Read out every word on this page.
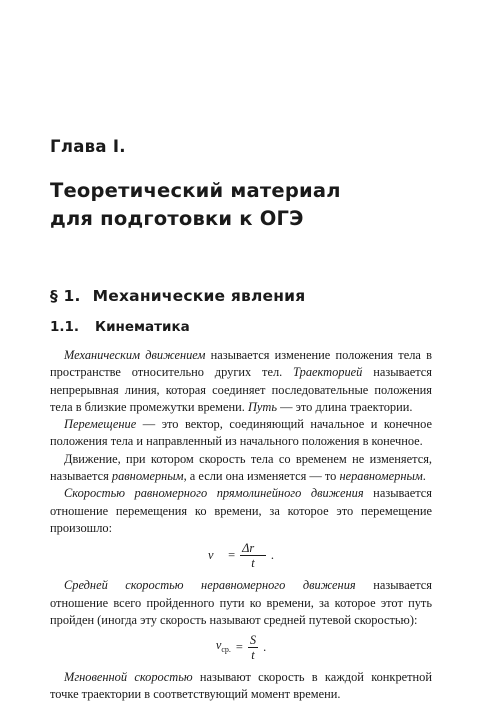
Глава I.
Теоретический материал
для подготовки к ОГЭ
§ 1. Механические явления
1.1. Кинематика

Механическим движением называется изменение положения тела в пространстве относительно других тел. Траекторией называется непрерывная линия, которая соединяет последовательные положения тела в близкие промежутки времени. Путь — это длина траектории.

Перемещение — это вектор, соединяющий начальное и конечное положения тела и направленный из начального положения в конечное.

Движение, при котором скорость тела со временем не изменяется, называется равномерным, а если она изменяется — то неравномерным.

Скоростью равномерного прямолинейного движения называется отношение перемещения ко времени, за которое это перемещение произошло:

v⃗ = $\frac{\Delta r⃗}{t}$ .

Средней скоростью неравномерного движения называется отношение всего пройденного пути ко времени, за которое этот путь пройден (иногда эту скорость называют средней путевой скоростью):

$v_{ср.} = \frac{S}{t}$ .

Мгновенной скоростью называют скорость в каждой конкретной точке траектории в соответствующий момент времени.
